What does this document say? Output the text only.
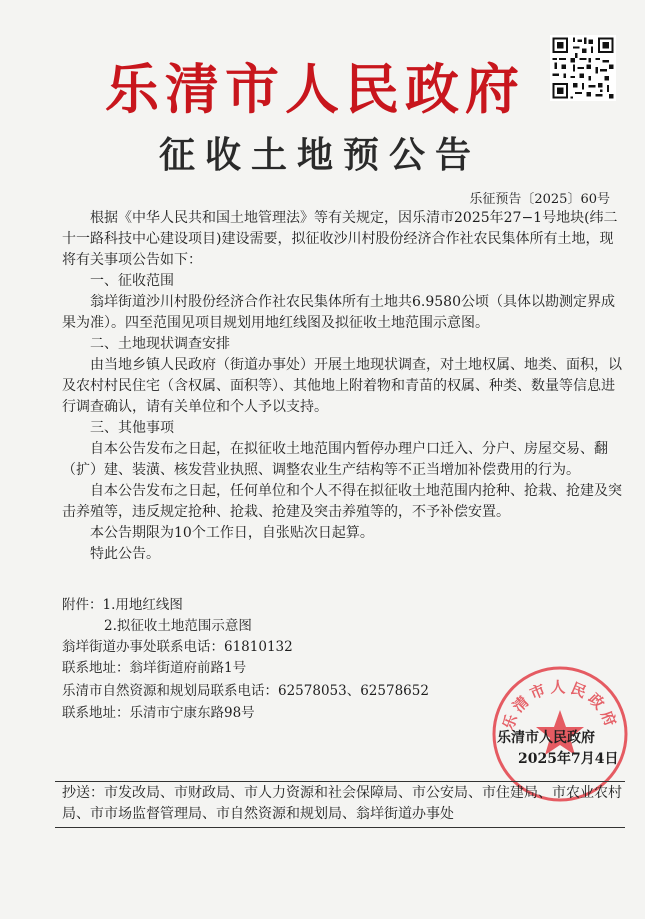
乐清市人民政府
征收土地预公告
乐征预告〔2025〕60号

根据《中华人民共和国土地管理法》等有关规定，因乐清市2025年27−1号地块(纬二十一路科技中心建设项目)建设需要，拟征收沙川村股份经济合作社农民集体所有土地，现将有关事项公告如下：

一、征收范围

翁垟街道沙川村股份经济合作社农民集体所有土地共6.9580公顷（具体以勘测定界成果为准）。四至范围见项目规划用地红线图及拟征收土地范围示意图。

二、土地现状调查安排

由当地乡镇人民政府（街道办事处）开展土地现状调查，对土地权属、地类、面积，以及农村村民住宅（含权属、面积等）、其他地上附着物和青苗的权属、种类、数量等信息进行调查确认，请有关单位和个人予以支持。

三、其他事项

自本公告发布之日起，在拟征收土地范围内暂停办理户口迁入、分户、房屋交易、翻（扩）建、装潢、核发营业执照、调整农业生产结构等不正当增加补偿费用的行为。

自本公告发布之日起，任何单位和个人不得在拟征收土地范围内抢种、抢栽、抢建及突击养殖等，违反规定抢种、抢栽、抢建及突击养殖等的，不予补偿安置。

本公告期限为10个工作日，自张贴次日起算。

特此公告。

附件：1.用地红线图
2.拟征收土地范围示意图
翁垟街道办事处联系电话：61810132
联系地址：翁垟街道府前路1号
乐清市自然资源和规划局联系电话：62578053、62578652
联系地址：乐清市宁康东路98号	乐清市人民政府
乐清市人民政府
2025年7月4日
抄送：市发改局、市财政局、市人力资源和社会保障局、市公安局、市住建局、市农业农村局、市市场监督管理局、市自然资源和规划局、翁垟街道办事处
